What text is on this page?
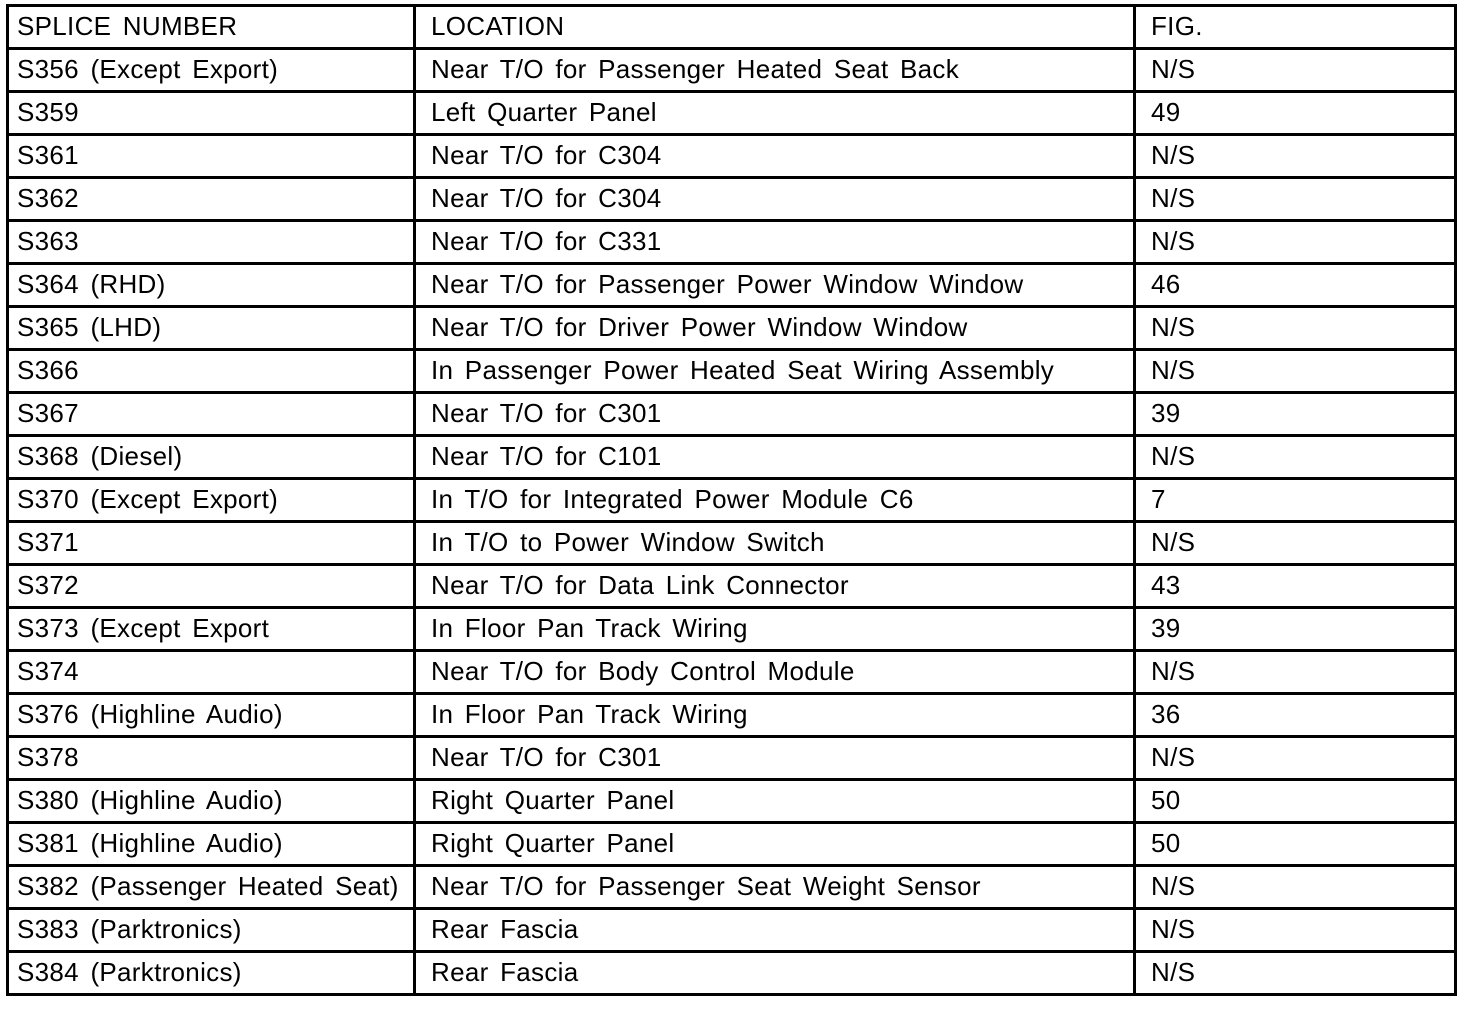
SPLICE NUMBER	LOCATION	FIG.
S356 (Except Export)	Near T/O for Passenger Heated Seat Back	N/S
S359	Left Quarter Panel	49
S361	Near T/O for C304	N/S
S362	Near T/O for C304	N/S
S363	Near T/O for C331	N/S
S364 (RHD)	Near T/O for Passenger Power Window Window	46
S365 (LHD)	Near T/O for Driver Power Window Window	N/S
S366	In Passenger Power Heated Seat Wiring Assembly	N/S
S367	Near T/O for C301	39
S368 (Diesel)	Near T/O for C101	N/S
S370 (Except Export)	In T/O for Integrated Power Module C6	7
S371	In T/O to Power Window Switch	N/S
S372	Near T/O for Data Link Connector	43
S373 (Except Export	In Floor Pan Track Wiring	39
S374	Near T/O for Body Control Module	N/S
S376 (Highline Audio)	In Floor Pan Track Wiring	36
S378	Near T/O for C301	N/S
S380 (Highline Audio)	Right Quarter Panel	50
S381 (Highline Audio)	Right Quarter Panel	50
S382 (Passenger Heated Seat)	Near T/O for Passenger Seat Weight Sensor	N/S
S383 (Parktronics)	Rear Fascia	N/S
S384 (Parktronics)	Rear Fascia	N/S
